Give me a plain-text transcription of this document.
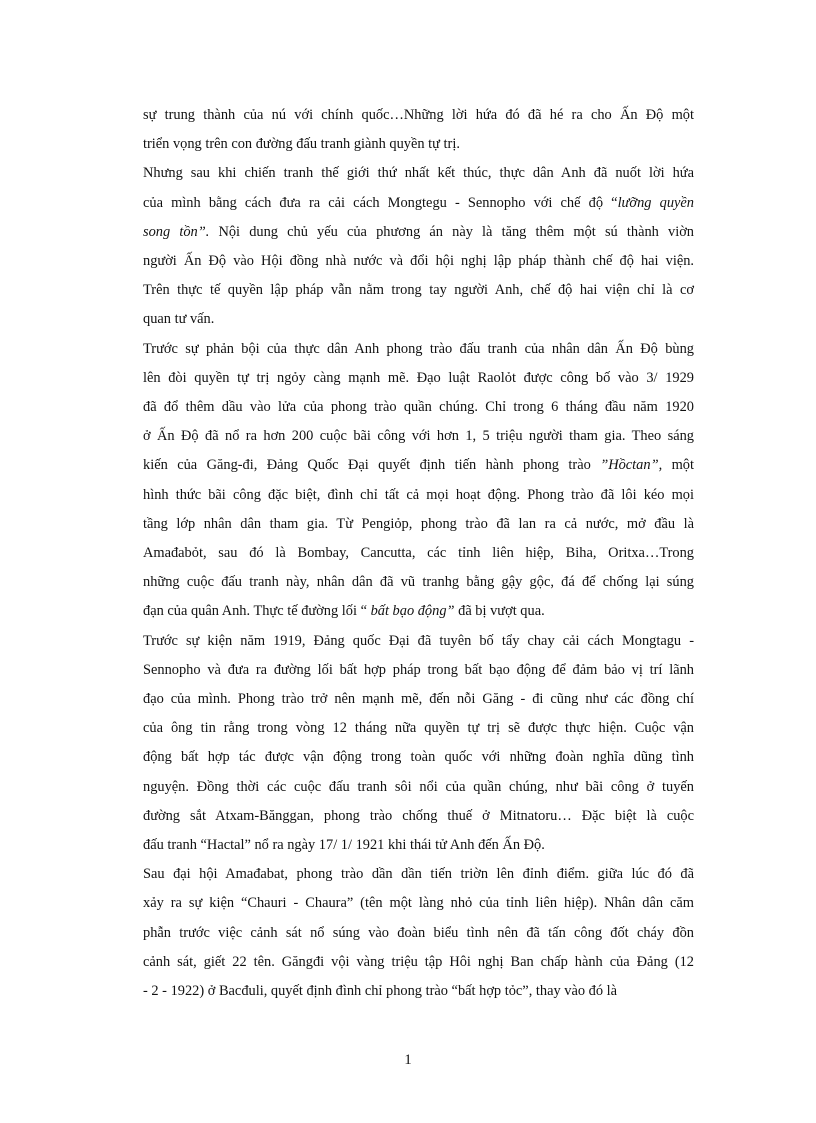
sự trung thành của nú với chính quốc…Những lời hứa đó đã hé ra cho Ấn Độ một
triển vọng trên con đường đấu tranh giành quyền tự trị.

Nhưng sau khi chiến tranh thế giới thứ nhất kết thúc, thực dân Anh đã nuốt lời hứa
của mình bằng cách đưa ra cải cách Mongtegu - Sennopho với chế độ “lưỡng quyền
song tồn”. Nội dung chủ yếu của phương án này là tăng thêm một sú thành viờn
người Ấn Độ vào Hội đồng nhà nước và đổi hội nghị lập pháp thành chế độ hai viện.
Trên thực tế quyền lập pháp vẫn nằm trong tay người Anh, chế độ hai viện chỉ là cơ
quan tư vấn.

Trước sự phản bội của thực dân Anh phong trào đấu tranh của nhân dân Ấn Độ bùng
lên đòi quyền tự trị ngỏy càng mạnh mẽ. Đạo luật Raolỏt được công bố vào 3/ 1929
đã đổ thêm dầu vào lửa của phong trào quần chúng. Chỉ trong 6 tháng đầu năm 1920
ở Ấn Độ đã nổ ra hơn 200 cuộc bãi công với hơn 1, 5 triệu người tham gia. Theo sáng
kiến của Găng-đi, Đảng Quốc Đại quyết định tiến hành phong trào ”Hồctan”, một
hình thức bãi công đặc biệt, đình chỉ tất cả mọi hoạt động. Phong trào đã lôi kéo mọi
tầng lớp nhân dân tham gia. Từ Pengiỏp, phong trào đã lan ra cả nước, mở đầu là
Amađabỏt, sau đó là Bombay, Cancutta, các tỉnh liên hiệp, Biha, Oritxa…Trong
những cuộc đấu tranh này, nhân dân đã vũ tranhg bằng gậy gộc, đá để chống lại súng
đạn của quân Anh. Thực tế đường lối “ bất bạo động” đã bị vượt qua.

Trước sự kiện năm 1919, Đảng quốc Đại đã tuyên bố tẩy chay cải cách Mongtagu -
Sennopho và đưa ra đường lối bất hợp pháp trong bất bạo động để đảm bảo vị trí lãnh
đạo của mình. Phong trào trở nên mạnh mẽ, đến nỗi Găng - đi cũng như các đồng chí
của ông tin rằng trong vòng 12 tháng nữa quyền tự trị sẽ được thực hiện. Cuộc vận
động bất hợp tác được vận động trong toàn quốc với những đoàn nghĩa dũng tình
nguyện. Đồng thời các cuộc đấu tranh sôi nổi của quần chúng, như bãi công ở tuyến
đường sắt Atxam-Bănggan, phong trào chống thuế ở Mitnatoru… Đặc biệt là cuộc
đấu tranh “Hactal” nổ ra ngày 17/ 1/ 1921 khi thái tử Anh đến Ấn Độ.

Sau đại hội Amađabat, phong trào dần dần tiến triờn lên đỉnh điểm. giữa lúc đó đã
xảy ra sự kiện “Chauri - Chaura” (tên một làng nhỏ của tỉnh liên hiệp). Nhân dân căm
phẫn trước việc cảnh sát nổ súng vào đoàn biểu tình nên đã tấn công đốt cháy đồn
cảnh sát, giết 22 tên. Găngđi vội vàng triệu tập Hôi nghị Ban chấp hành của Đảng (12
- 2 - 1922) ở Bacđuli, quyết định đình chỉ phong trào “bất hợp tỏc”, thay vào đó là

1
